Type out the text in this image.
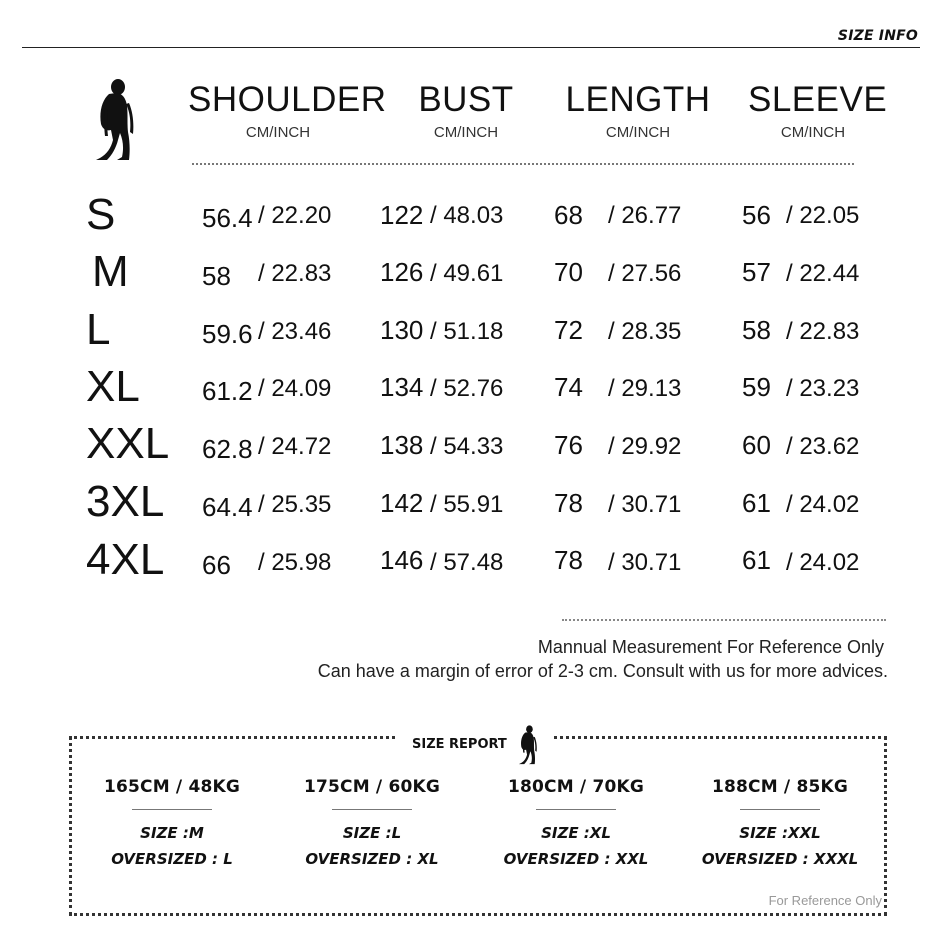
SIZE INFO
SHOULDER
CM/INCH
BUST
CM/INCH
LENGTH
CM/INCH
SLEEVE
CM/INCH
S	56.4 / 22.20 122 / 48.03 68 / 26.77 56 / 22.05
M	58 / 22.83 126 / 49.61 70 / 27.56 57 / 22.44
L	59.6 / 23.46 130 / 51.18 72 / 28.35 58 / 22.83
XL 61.2 / 24.09 134 / 52.76 74 / 29.13 59 / 23.23
XXL 62.8 / 24.72 138 / 54.33 76 / 29.92 60 / 23.62
3XL 64.4 / 25.35 142 / 55.91 78 / 30.71 61 / 24.02
4XL 66 / 25.98 146 / 57.48 78 / 30.71 61 / 24.02
Mannual Measurement For Reference Only
Can have a margin of error of 2-3 cm. Consult with us for more advices.
SIZE REPORT
165CM / 48KG
SIZE :M
OVERSIZED : L
175CM / 60KG
SIZE :L
OVERSIZED : XL
180CM / 70KG
SIZE :XL
OVERSIZED : XXL
188CM / 85KG
SIZE :XXL
OVERSIZED : XXXL
For Reference Only
